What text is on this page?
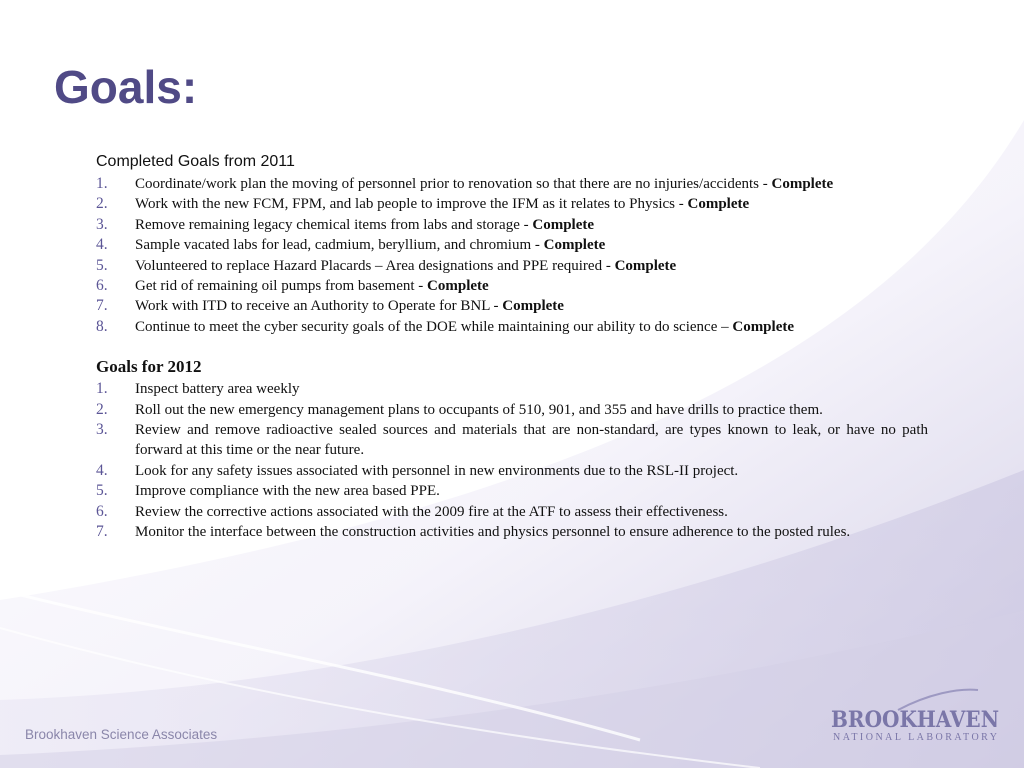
Goals:
Completed Goals from 2011
1. Coordinate/work plan the moving of personnel prior to renovation so that there are no injuries/accidents - Complete
2. Work with the new FCM, FPM, and lab people to improve the IFM as it relates to Physics - Complete
3. Remove remaining legacy chemical items from labs and storage - Complete
4. Sample vacated labs for lead, cadmium, beryllium, and chromium - Complete
5. Volunteered to replace Hazard Placards – Area designations and PPE required - Complete
6. Get rid of remaining oil pumps from basement - Complete
7. Work with ITD to receive an Authority to Operate for BNL - Complete
8. Continue to meet the cyber security goals of the DOE while maintaining our ability to do science – Complete
Goals for 2012
1. Inspect battery area weekly
2. Roll out the new emergency management plans to occupants of 510, 901, and 355 and have drills to practice them.
3. Review and remove radioactive sealed sources and materials that are non-standard, are types known to leak, or have no path forward at this time or the near future.
4. Look for any safety issues associated with personnel in new environments due to the RSL-II project.
5. Improve compliance with the new area based PPE.
6. Review the corrective actions associated with the 2009 fire at the ATF to assess their effectiveness.
7. Monitor the interface between the construction activities and physics personnel to ensure adherence to the posted rules.
Brookhaven Science Associates
BROOKHAVEN
NATIONAL LABORATORY
